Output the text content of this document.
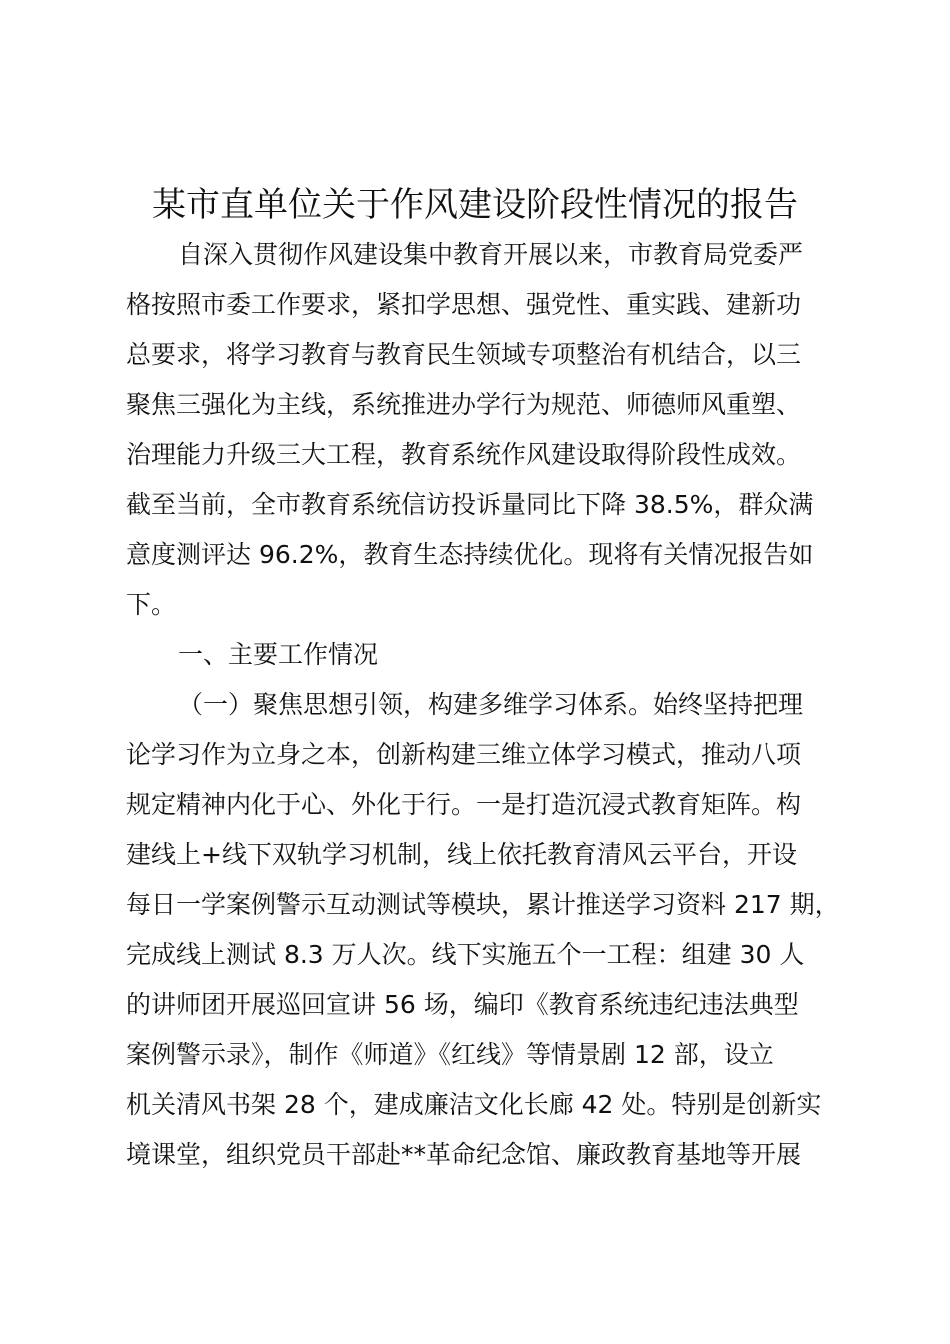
某市直单位关于作风建设阶段性情况的报告
自深入贯彻作风建设集中教育开展以来，市教育局党委严
格按照市委工作要求，紧扣学思想、强党性、重实践、建新功
总要求，将学习教育与教育民生领域专项整治有机结合，以三
聚焦三强化为主线，系统推进办学行为规范、师德师风重塑、
治理能力升级三大工程，教育系统作风建设取得阶段性成效。
截至当前，全市教育系统信访投诉量同比下降 38.5%，群众满
意度测评达 96.2%，教育生态持续优化。现将有关情况报告如
下。
一、主要工作情况
（一）聚焦思想引领，构建多维学习体系。始终坚持把理
论学习作为立身之本，创新构建三维立体学习模式，推动八项
规定精神内化于心、外化于行。一是打造沉浸式教育矩阵。构
建线上+线下双轨学习机制，线上依托教育清风云平台，开设
每日一学案例警示互动测试等模块，累计推送学习资料 217 期，
完成线上测试 8.3 万人次。线下实施五个一工程：组建 30 人
的讲师团开展巡回宣讲 56 场，编印《教育系统违纪违法典型
案例警示录》，制作《师道》《红线》等情景剧 12 部，设立
机关清风书架 28 个，建成廉洁文化长廊 42 处。特别是创新实
境课堂，组织党员干部赴**革命纪念馆、廉政教育基地等开展
